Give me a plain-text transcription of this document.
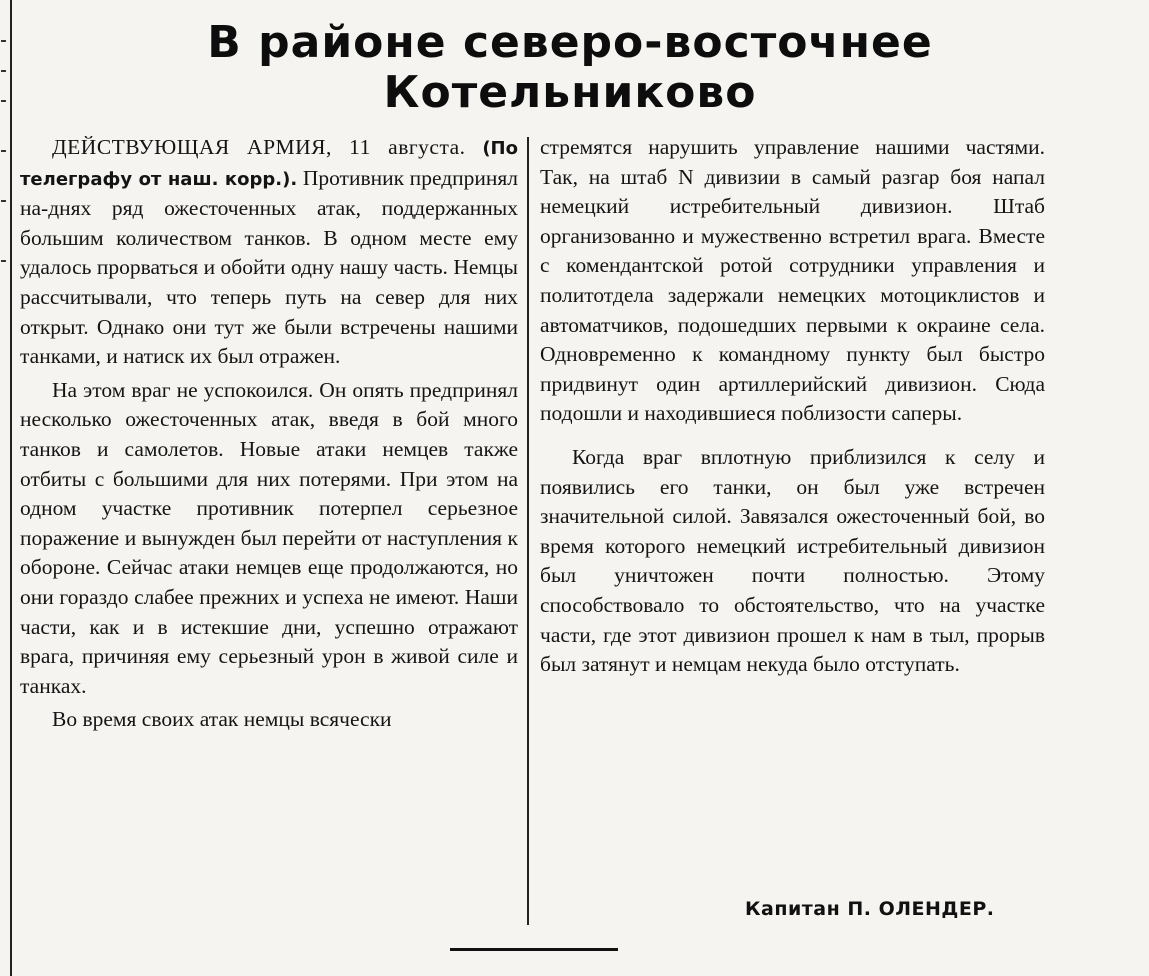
В районе северо-восточнее
Котельниково

ДЕЙСТВУЮЩАЯ АРМИЯ, 11 августа. (По телеграфу от наш. корр.). Противник предпринял на-днях ряд ожесточенных атак, поддержанных большим количеством танков. В одном месте ему удалось прорваться и обойти одну нашу часть. Немцы рассчитывали, что теперь путь на север для них открыт. Однако они тут же были встречены нашими танками, и натиск их был отражен.

На этом враг не успокоился. Он опять предпринял несколько ожесточенных атак, введя в бой много танков и самолетов. Новые атаки немцев также отбиты с большими для них потерями. При этом на одном участке противник потерпел серьезное поражение и вынужден был перейти от наступления к обороне. Сейчас атаки немцев еще продолжаются, но они гораздо слабее прежних и успеха не имеют. Наши части, как и в истекшие дни, успешно отражают врага, причиняя ему серьезный урон в живой силе и танках.

Во время своих атак немцы всячески

стремятся нарушить управление нашими частями. Так, на штаб N дивизии в самый разгар боя напал немецкий истребительный дивизион. Штаб организованно и мужественно встретил врага. Вместе с комендантской ротой сотрудники управления и политотдела задержали немецких мотоциклистов и автоматчиков, подошедших первыми к окраине села. Одновременно к командному пункту был быстро придвинут один артиллерийский дивизион. Сюда подошли и находившиеся поблизости саперы.

Когда враг вплотную приблизился к селу и появились его танки, он был уже встречен значительной силой. Завязался ожесточенный бой, во время которого немецкий истребительный дивизион был уничтожен почти полностью. Этому способствовало то обстоятельство, что на участке части, где этот дивизион прошел к нам в тыл, прорыв был затянут и немцам некуда было отступать.

Капитан П. ОЛЕНДЕР.
